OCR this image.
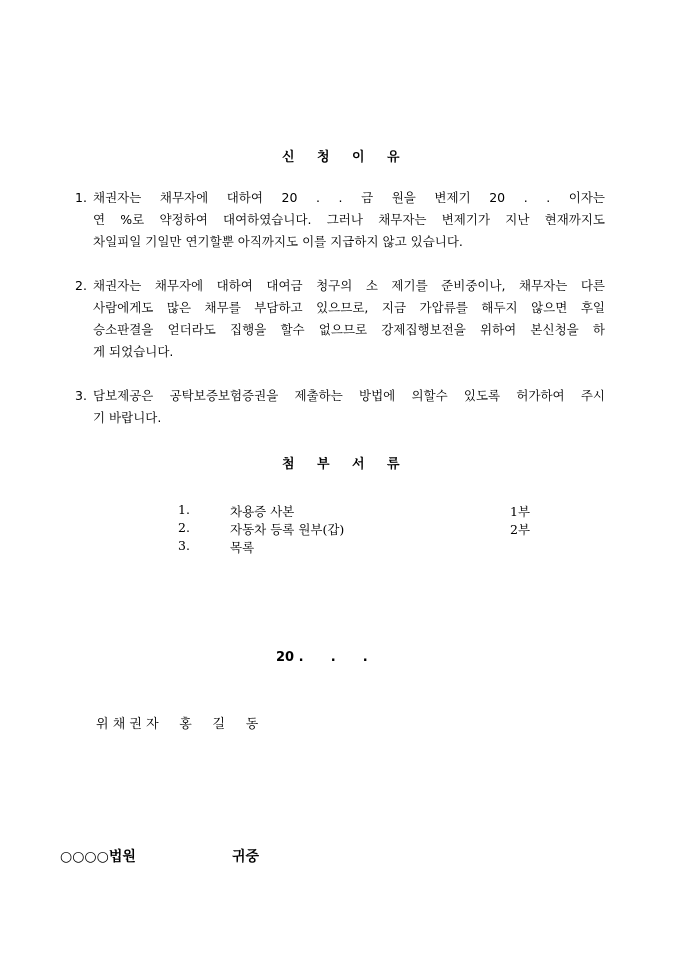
신 청 이 유
1. 채권자는 채무자에 대하여 20 . . 금 원을 변제기 20 . . 이자는
연 %로 약정하여 대여하였습니다. 그러나 채무자는 변제기가 지난 현재까지도
차일피일 기일만 연기할뿐 아직까지도 이를 지급하지 않고 있습니다.
2. 채권자는 채무자에 대하여 대여금 청구의 소 제기를 준비중이나, 채무자는 다른
사람에게도 많은 채무를 부담하고 있으므로, 지금 가압류를 해두지 않으면 후일
승소판결을 얻더라도 집행을 할수 없으므로 강제집행보전을 위하여 본신청을 하
게 되었습니다.
3. 담보제공은 공탁보증보험증권을 제출하는 방법에 의할수 있도록 허가하여 주시
기 바랍니다.
첨 부 서 류
1.	차용증 사본	1부
2.	자동차 등록 원부(갑)	2부
3.	목록
20 .      .      .
위 채 권 자     홍     길     동
○○○○법원	귀중
